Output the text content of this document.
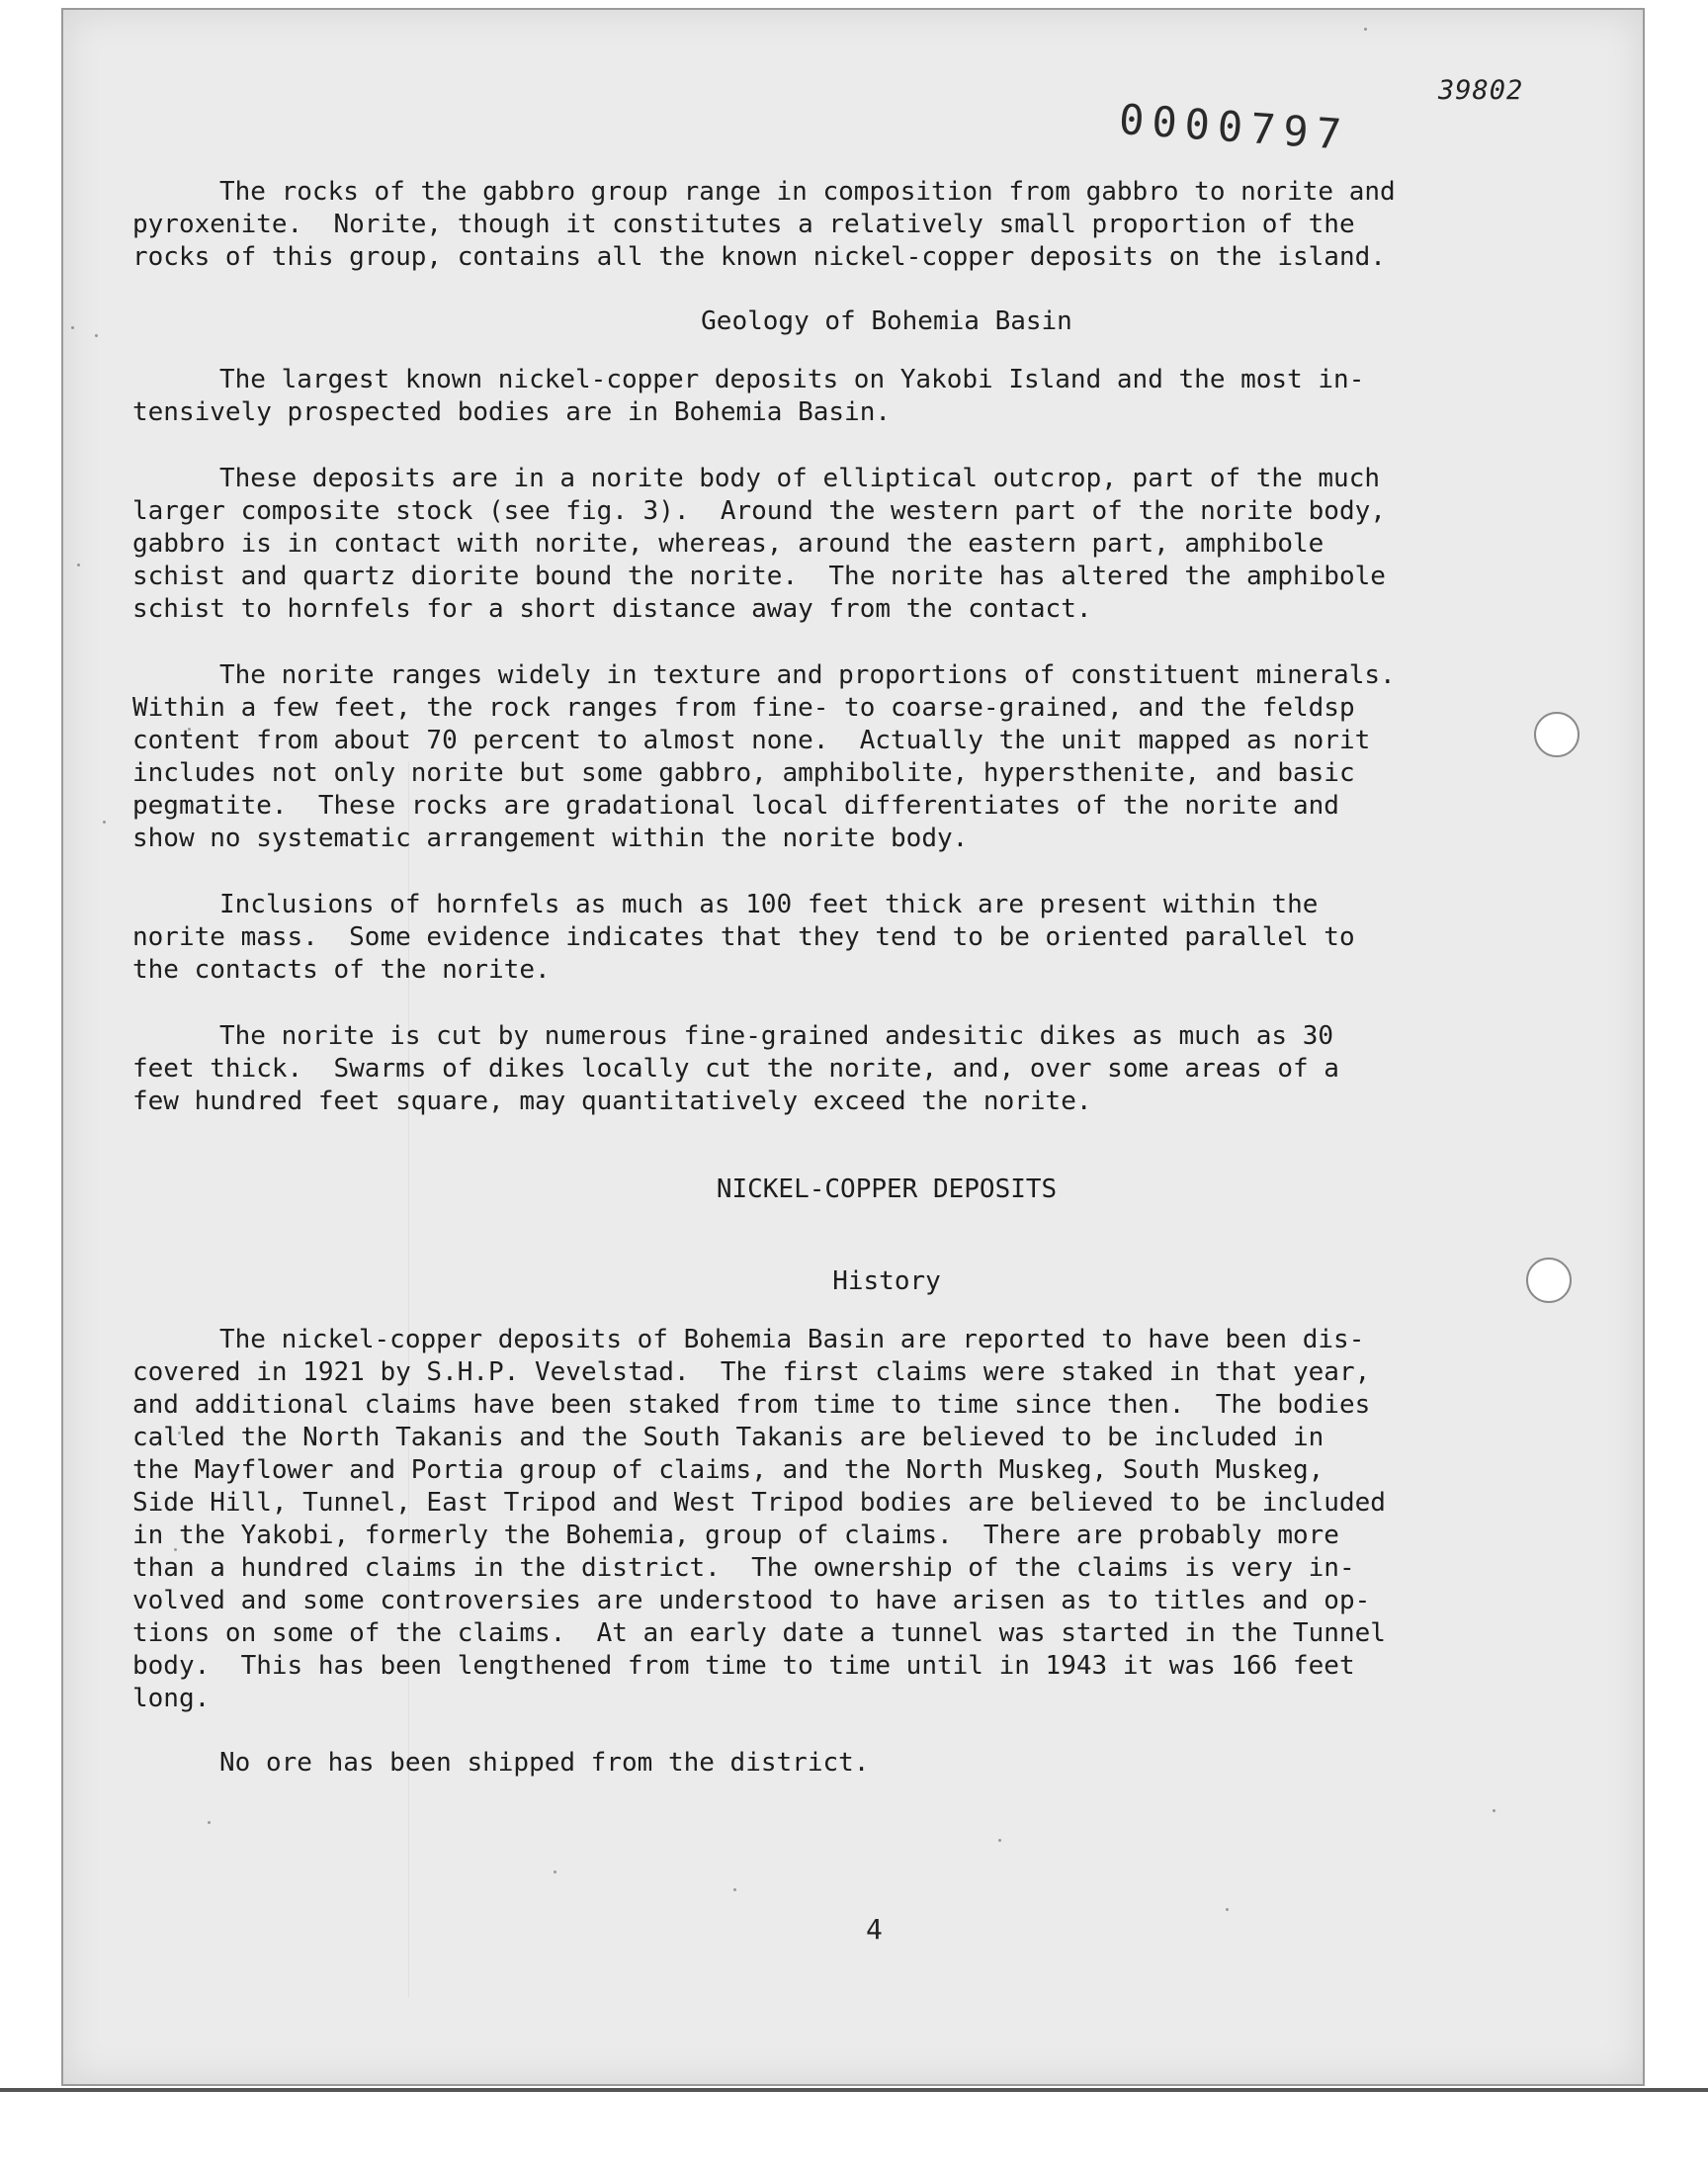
39802
0000797

The rocks of the gabbro group range in composition from gabbro to norite and
pyroxenite.  Norite, though it constitutes a relatively small proportion of the
rocks of this group, contains all the known nickel-copper deposits on the island.

Geology of Bohemia Basin

The largest known nickel-copper deposits on Yakobi Island and the most in-
tensively prospected bodies are in Bohemia Basin.

These deposits are in a norite body of elliptical outcrop, part of the much
larger composite stock (see fig. 3).  Around the western part of the norite body,
gabbro is in contact with norite, whereas, around the eastern part, amphibole
schist and quartz diorite bound the norite.  The norite has altered the amphibole
schist to hornfels for a short distance away from the contact.

The norite ranges widely in texture and proportions of constituent minerals.
Within a few feet, the rock ranges from fine- to coarse-grained, and the feldsp
content from about 70 percent to almost none.  Actually the unit mapped as norit
includes not only norite but some gabbro, amphibolite, hypersthenite, and basic
pegmatite.  These rocks are gradational local differentiates of the norite and
show no systematic arrangement within the norite body.

Inclusions of hornfels as much as 100 feet thick are present within the
norite mass.  Some evidence indicates that they tend to be oriented parallel to
the contacts of the norite.

The norite is cut by numerous fine-grained andesitic dikes as much as 30
feet thick.  Swarms of dikes locally cut the norite, and, over some areas of a
few hundred feet square, may quantitatively exceed the norite.

NICKEL-COPPER DEPOSITS

History

The nickel-copper deposits of Bohemia Basin are reported to have been dis-
covered in 1921 by S.H.P. Vevelstad.  The first claims were staked in that year,
and additional claims have been staked from time to time since then.  The bodies
called the North Takanis and the South Takanis are believed to be included in
the Mayflower and Portia group of claims, and the North Muskeg, South Muskeg,
Side Hill, Tunnel, East Tripod and West Tripod bodies are believed to be included
in the Yakobi, formerly the Bohemia, group of claims.  There are probably more
than a hundred claims in the district.  The ownership of the claims is very in-
volved and some controversies are understood to have arisen as to titles and op-
tions on some of the claims.  At an early date a tunnel was started in the Tunnel
body.  This has been lengthened from time to time until in 1943 it was 166 feet
long.

No ore has been shipped from the district.

4
